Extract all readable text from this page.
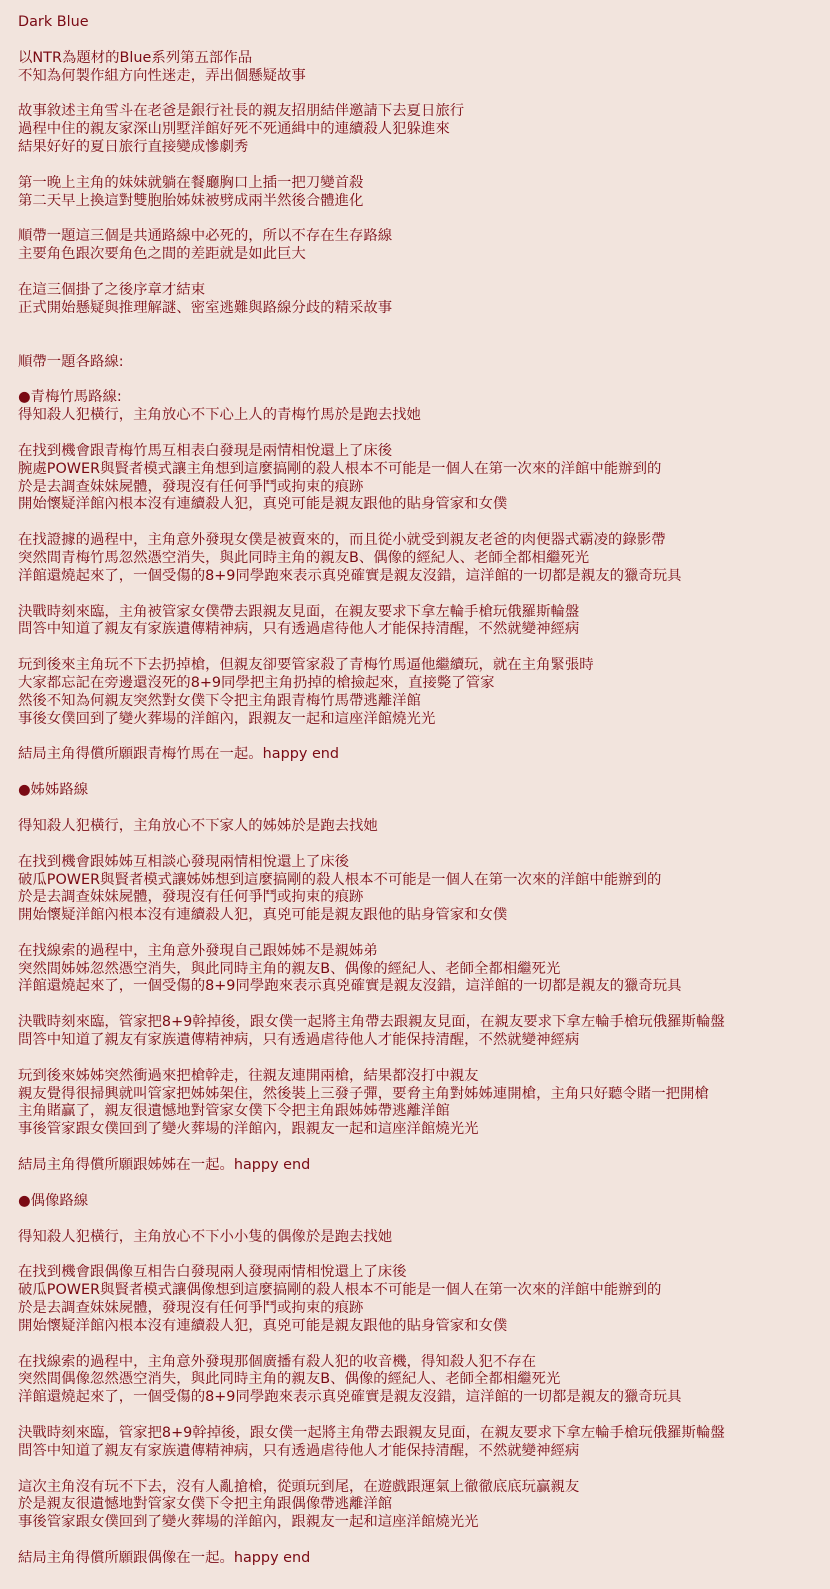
Dark Blue
以NTR為題材的Blue系列第五部作品
不知為何製作組方向性迷走，弄出個懸疑故事
故事敘述主角雪斗在老爸是銀行社長的親友招朋結伴邀請下去夏日旅行
過程中住的親友家深山別墅洋館好死不死通緝中的連續殺人犯躲進來
結果好好的夏日旅行直接變成慘劇秀
第一晚上主角的妹妹就躺在餐廳胸口上插一把刀變首殺
第二天早上換這對雙胞胎姊妹被劈成兩半然後合體進化
順帶一題這三個是共通路線中必死的，所以不存在生存路線
主要角色跟次要角色之間的差距就是如此巨大
在這三個掛了之後序章才結束
正式開始懸疑與推理解謎、密室逃難與路線分歧的精采故事
順帶一題各路線:
●青梅竹馬路線:
得知殺人犯橫行，主角放心不下心上人的青梅竹馬於是跑去找她
在找到機會跟青梅竹馬互相表白發現是兩情相悅還上了床後
腕處POWER與賢者模式讓主角想到這麼搞剛的殺人根本不可能是一個人在第一次來的洋館中能辦到的
於是去調查妹妹屍體，發現沒有任何爭鬥或拘束的痕跡
開始懷疑洋館內根本沒有連續殺人犯，真兇可能是親友跟他的貼身管家和女僕
在找證據的過程中，主角意外發現女僕是被賣來的，而且從小就受到親友老爸的肉便器式霸凌的錄影帶
突然間青梅竹馬忽然憑空消失，與此同時主角的親友B、偶像的經紀人、老師全都相繼死光
洋館還燒起來了，一個受傷的8+9同學跑來表示真兇確實是親友沒錯，這洋館的一切都是親友的獵奇玩具
決戰時刻來臨，主角被管家女僕帶去跟親友見面，在親友要求下拿左輪手槍玩俄羅斯輪盤
問答中知道了親友有家族遺傳精神病，只有透過虐待他人才能保持清醒，不然就變神經病
玩到後來主角玩不下去扔掉槍，但親友卻要管家殺了青梅竹馬逼他繼續玩，就在主角緊張時
大家都忘記在旁邊還沒死的8+9同學把主角扔掉的槍撿起來，直接斃了管家
然後不知為何親友突然對女僕下令把主角跟青梅竹馬帶逃離洋館
事後女僕回到了變火葬場的洋館內，跟親友一起和這座洋館燒光光
結局主角得償所願跟青梅竹馬在一起。happy end
●姊姊路線
得知殺人犯橫行，主角放心不下家人的姊姊於是跑去找她
在找到機會跟姊姊互相談心發現兩情相悅還上了床後
破瓜POWER與賢者模式讓姊姊想到這麼搞剛的殺人根本不可能是一個人在第一次來的洋館中能辦到的
於是去調查妹妹屍體，發現沒有任何爭鬥或拘束的痕跡
開始懷疑洋館內根本沒有連續殺人犯，真兇可能是親友跟他的貼身管家和女僕
在找線索的過程中，主角意外發現自己跟姊姊不是親姊弟
突然間姊姊忽然憑空消失，與此同時主角的親友B、偶像的經紀人、老師全都相繼死光
洋館還燒起來了，一個受傷的8+9同學跑來表示真兇確實是親友沒錯，這洋館的一切都是親友的獵奇玩具
決戰時刻來臨，管家把8+9幹掉後，跟女僕一起將主角帶去跟親友見面，在親友要求下拿左輪手槍玩俄羅斯輪盤
問答中知道了親友有家族遺傳精神病，只有透過虐待他人才能保持清醒，不然就變神經病
玩到後來姊姊突然衝過來把槍幹走，往親友連開兩槍，結果都沒打中親友
親友覺得很掃興就叫管家把姊姊架住，然後裝上三發子彈，要脅主角對姊姊連開槍，主角只好聽令賭一把開槍
主角賭贏了，親友很遺憾地對管家女僕下令把主角跟姊姊帶逃離洋館
事後管家跟女僕回到了變火葬場的洋館內，跟親友一起和這座洋館燒光光
結局主角得償所願跟姊姊在一起。happy end
●偶像路線
得知殺人犯橫行，主角放心不下小小隻的偶像於是跑去找她
在找到機會跟偶像互相告白發現兩人發現兩情相悅還上了床後
破瓜POWER與賢者模式讓偶像想到這麼搞剛的殺人根本不可能是一個人在第一次來的洋館中能辦到的
於是去調查妹妹屍體，發現沒有任何爭鬥或拘束的痕跡
開始懷疑洋館內根本沒有連續殺人犯，真兇可能是親友跟他的貼身管家和女僕
在找線索的過程中，主角意外發現那個廣播有殺人犯的收音機，得知殺人犯不存在
突然間偶像忽然憑空消失，與此同時主角的親友B、偶像的經紀人、老師全都相繼死光
洋館還燒起來了，一個受傷的8+9同學跑來表示真兇確實是親友沒錯，這洋館的一切都是親友的獵奇玩具
決戰時刻來臨，管家把8+9幹掉後，跟女僕一起將主角帶去跟親友見面，在親友要求下拿左輪手槍玩俄羅斯輪盤
問答中知道了親友有家族遺傳精神病，只有透過虐待他人才能保持清醒，不然就變神經病
這次主角沒有玩不下去，沒有人亂搶槍，從頭玩到尾，在遊戲跟運氣上徹徹底底玩贏親友
於是親友很遺憾地對管家女僕下令把主角跟偶像帶逃離洋館
事後管家跟女僕回到了變火葬場的洋館內，跟親友一起和這座洋館燒光光
結局主角得償所願跟偶像在一起。happy end
